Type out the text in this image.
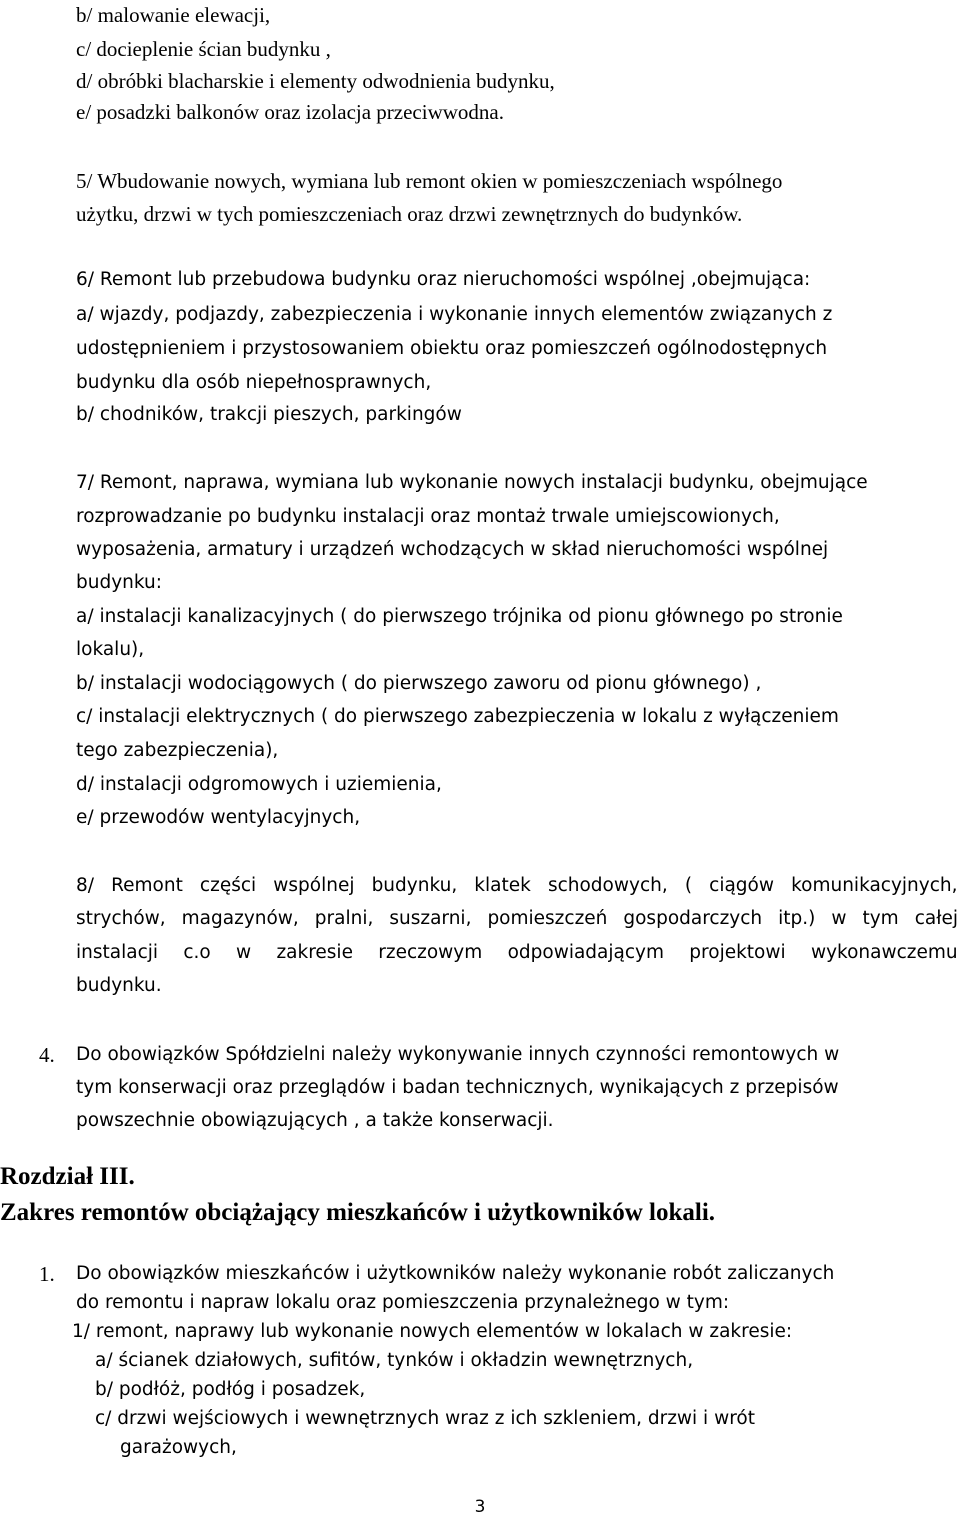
b/ malowanie elewacji,
c/ docieplenie ścian budynku ,
d/ obróbki blacharskie i elementy odwodnienia budynku,
e/ posadzki balkonów oraz izolacja przeciwwodna.
5/ Wbudowanie nowych, wymiana lub remont okien w pomieszczeniach wspólnego
użytku, drzwi w tych pomieszczeniach oraz drzwi zewnętrznych do budynków.
6/ Remont lub przebudowa budynku oraz nieruchomości wspólnej ,obejmująca:
a/ wjazdy, podjazdy, zabezpieczenia i wykonanie innych elementów związanych z
udostępnieniem i przystosowaniem obiektu oraz pomieszczeń ogólnodostępnych
budynku dla osób niepełnosprawnych,
b/ chodników, trakcji pieszych, parkingów
7/ Remont, naprawa, wymiana lub wykonanie nowych instalacji budynku, obejmujące
rozprowadzanie po budynku instalacji oraz montaż trwale umiejscowionych,
wyposażenia, armatury i urządzeń wchodzących w skład nieruchomości wspólnej
budynku:
a/ instalacji kanalizacyjnych ( do pierwszego trójnika od pionu głównego po stronie
lokalu),
b/ instalacji wodociągowych ( do pierwszego zaworu od pionu głównego) ,
c/ instalacji elektrycznych ( do pierwszego zabezpieczenia w lokalu z wyłączeniem
tego zabezpieczenia),
d/ instalacji odgromowych i uziemienia,
e/ przewodów wentylacyjnych,
8/ Remont części wspólnej budynku, klatek schodowych, ( ciągów komunikacyjnych,
strychów, magazynów, pralni, suszarni, pomieszczeń gospodarczych itp.) w tym całej
instalacji c.o w zakresie rzeczowym odpowiadającym projektowi wykonawczemu
budynku.
4. Do obowiązków Spółdzielni należy wykonywanie innych czynności remontowych w
tym konserwacji oraz przeglądów i badan technicznych, wynikających z przepisów
powszechnie obowiązujących , a także konserwacji.
Rozdział III.
Zakres remontów obciążający mieszkańców i użytkowników lokali.
1. Do obowiązków mieszkańców i użytkowników należy wykonanie robót zaliczanych
do remontu i napraw lokalu oraz pomieszczenia przynależnego w tym:
1/ remont, naprawy lub wykonanie nowych elementów w lokalach w zakresie:
a/ ścianek działowych, sufitów, tynków i okładzin wewnętrznych,
b/ podłóż, podłóg i posadzek,
c/ drzwi wejściowych i wewnętrznych wraz z ich szkleniem, drzwi i wrót
garażowych,
3
